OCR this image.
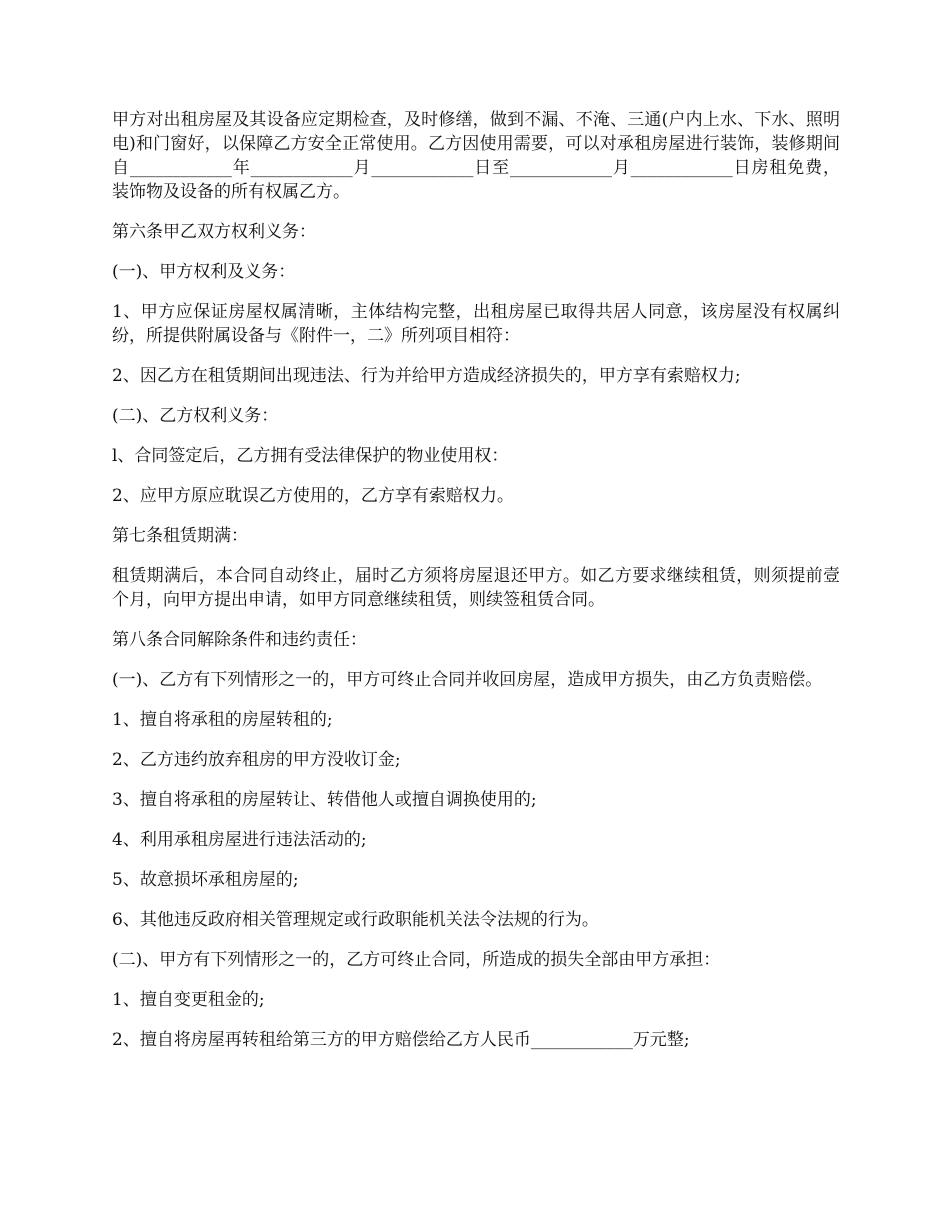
甲方对出租房屋及其设备应定期检查，及时修缮，做到不漏、不淹、三通(户内上水、下水、照明电)和门窗好，以保障乙方安全正常使用。乙方因使用需要，可以对承租房屋进行装饰，装修期间自____________年____________月____________日至____________月____________日房租免费，装饰物及设备的所有权属乙方。

第六条甲乙双方权利义务：

(一)、甲方权利及义务：

1、甲方应保证房屋权属清晰，主体结构完整，出租房屋已取得共居人同意，该房屋没有权属纠纷，所提供附属设备与《附件一，二》所列项目相符：

2、因乙方在租赁期间出现违法、行为并给甲方造成经济损失的，甲方享有索赔权力;

(二)、乙方权利义务：

l、合同签定后，乙方拥有受法律保护的物业使用权：

2、应甲方原应耽误乙方使用的，乙方享有索赔权力。

第七条租赁期满：

租赁期满后，本合同自动终止，届时乙方须将房屋退还甲方。如乙方要求继续租赁，则须提前壹个月，向甲方提出申请，如甲方同意继续租赁，则续签租赁合同。

第八条合同解除条件和违约责任：

(一)、乙方有下列情形之一的，甲方可终止合同并收回房屋，造成甲方损失，由乙方负责赔偿。

1、擅自将承租的房屋转租的;

2、乙方违约放弃租房的甲方没收订金;

3、擅自将承租的房屋转让、转借他人或擅自调换使用的;

4、利用承租房屋进行违法活动的;

5、故意损坏承租房屋的;

6、其他违反政府相关管理规定或行政职能机关法令法规的行为。

(二)、甲方有下列情形之一的，乙方可终止合同，所造成的损失全部由甲方承担：

1、擅自变更租金的;

2、擅自将房屋再转租给第三方的甲方赔偿给乙方人民币____________万元整;
